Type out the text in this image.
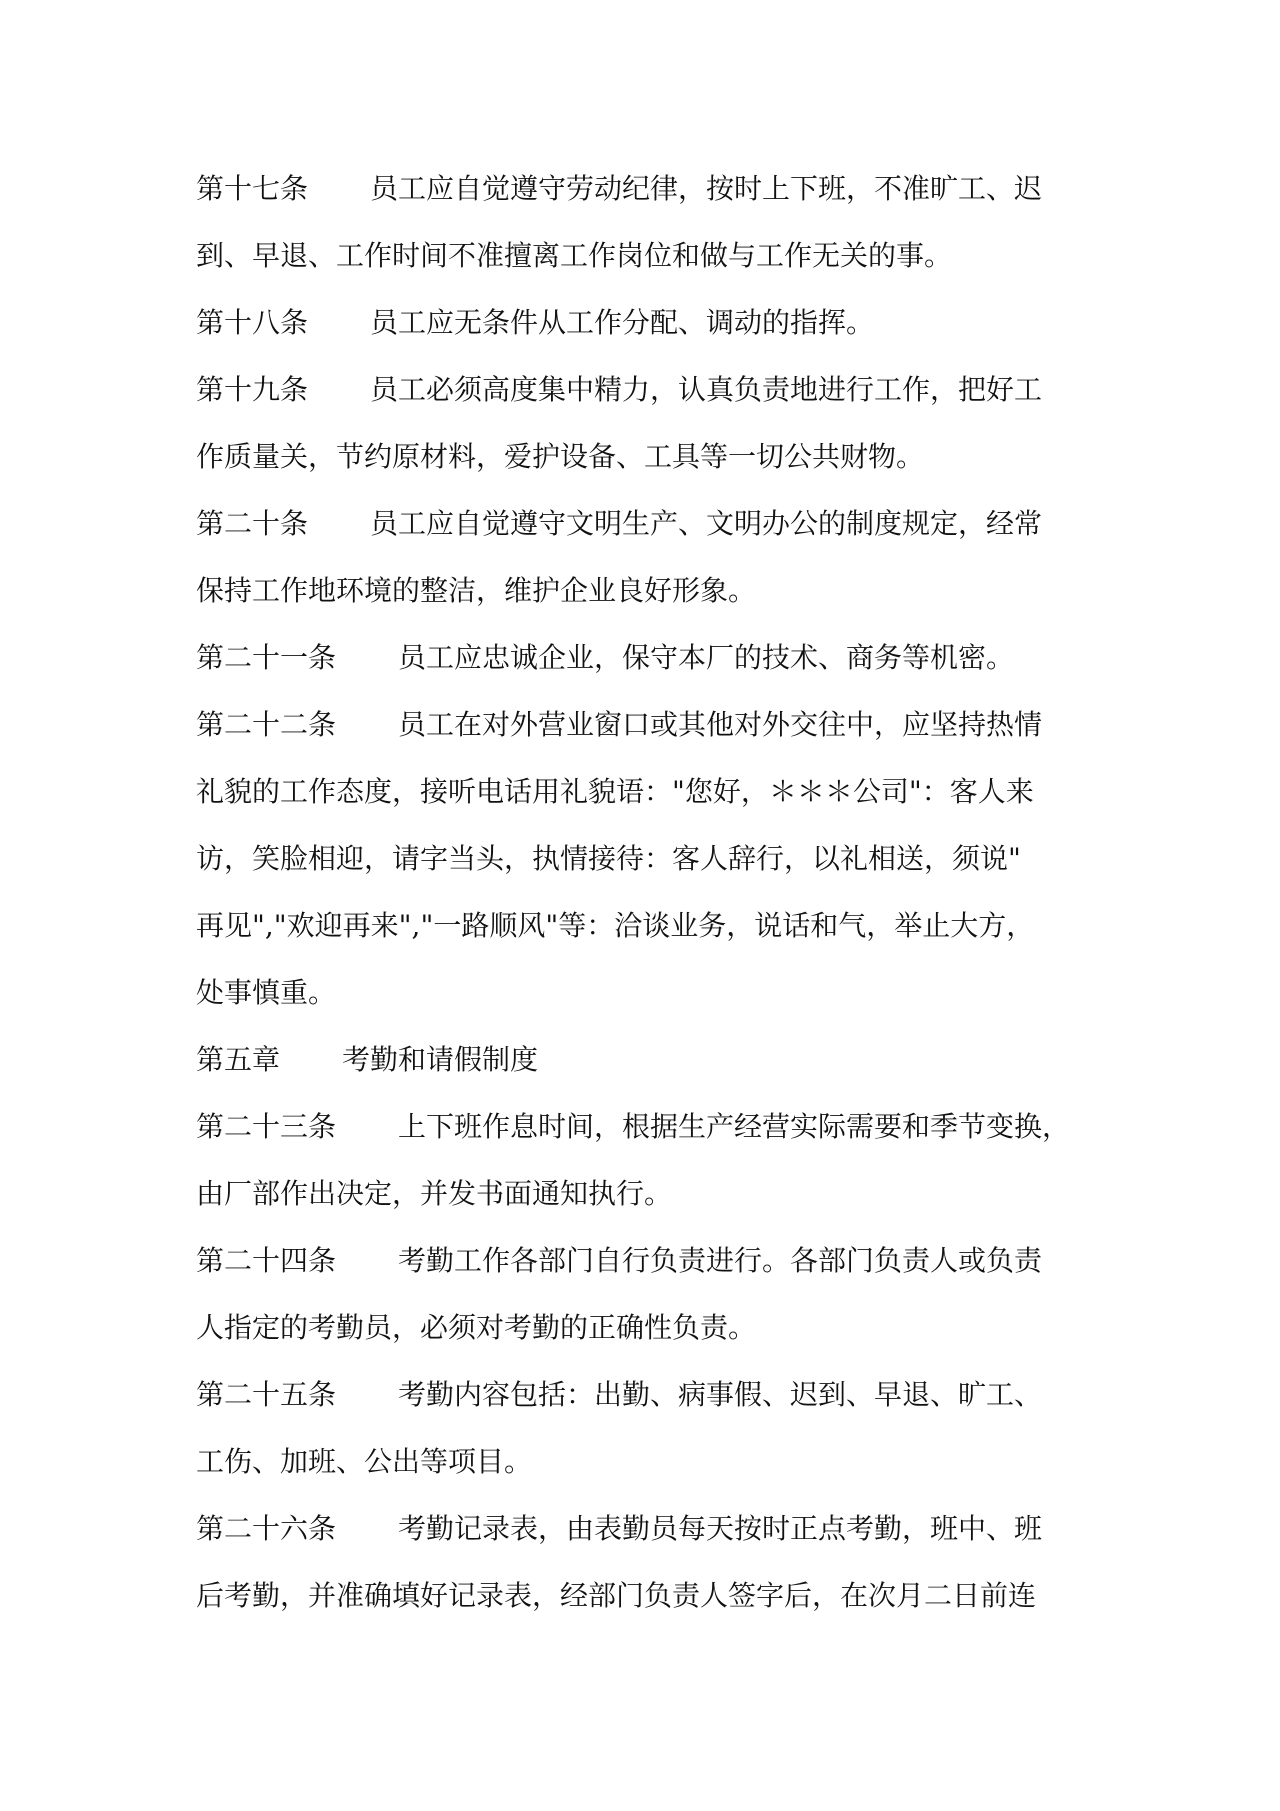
第十七条 员工应自觉遵守劳动纪律，按时上下班，不准旷工、迟

到、早退、工作时间不准擅离工作岗位和做与工作无关的事。

第十八条 员工应无条件从工作分配、调动的指挥。

第十九条 员工必须高度集中精力，认真负责地进行工作，把好工

作质量关，节约原材料，爱护设备、工具等一切公共财物。

第二十条 员工应自觉遵守文明生产、文明办公的制度规定，经常

保持工作地环境的整洁，维护企业良好形象。

第二十一条 员工应忠诚企业，保守本厂的技术、商务等机密。

第二十二条 员工在对外营业窗口或其他对外交往中，应坚持热情

礼貌的工作态度，接听电话用礼貌语："您好，＊＊＊公司"：客人来

访，笑脸相迎，请字当头，执情接待：客人辞行，以礼相送，须说"

再见","欢迎再来","一路顺风"等：洽谈业务，说话和气，举止大方，

处事慎重。

第五章 考勤和请假制度

第二十三条 上下班作息时间，根据生产经营实际需要和季节变换，

由厂部作出决定，并发书面通知执行。

第二十四条 考勤工作各部门自行负责进行。各部门负责人或负责

人指定的考勤员，必须对考勤的正确性负责。

第二十五条 考勤内容包括：出勤、病事假、迟到、早退、旷工、

工伤、加班、公出等项目。

第二十六条 考勤记录表，由表勤员每天按时正点考勤，班中、班

后考勤，并准确填好记录表，经部门负责人签字后，在次月二日前连
